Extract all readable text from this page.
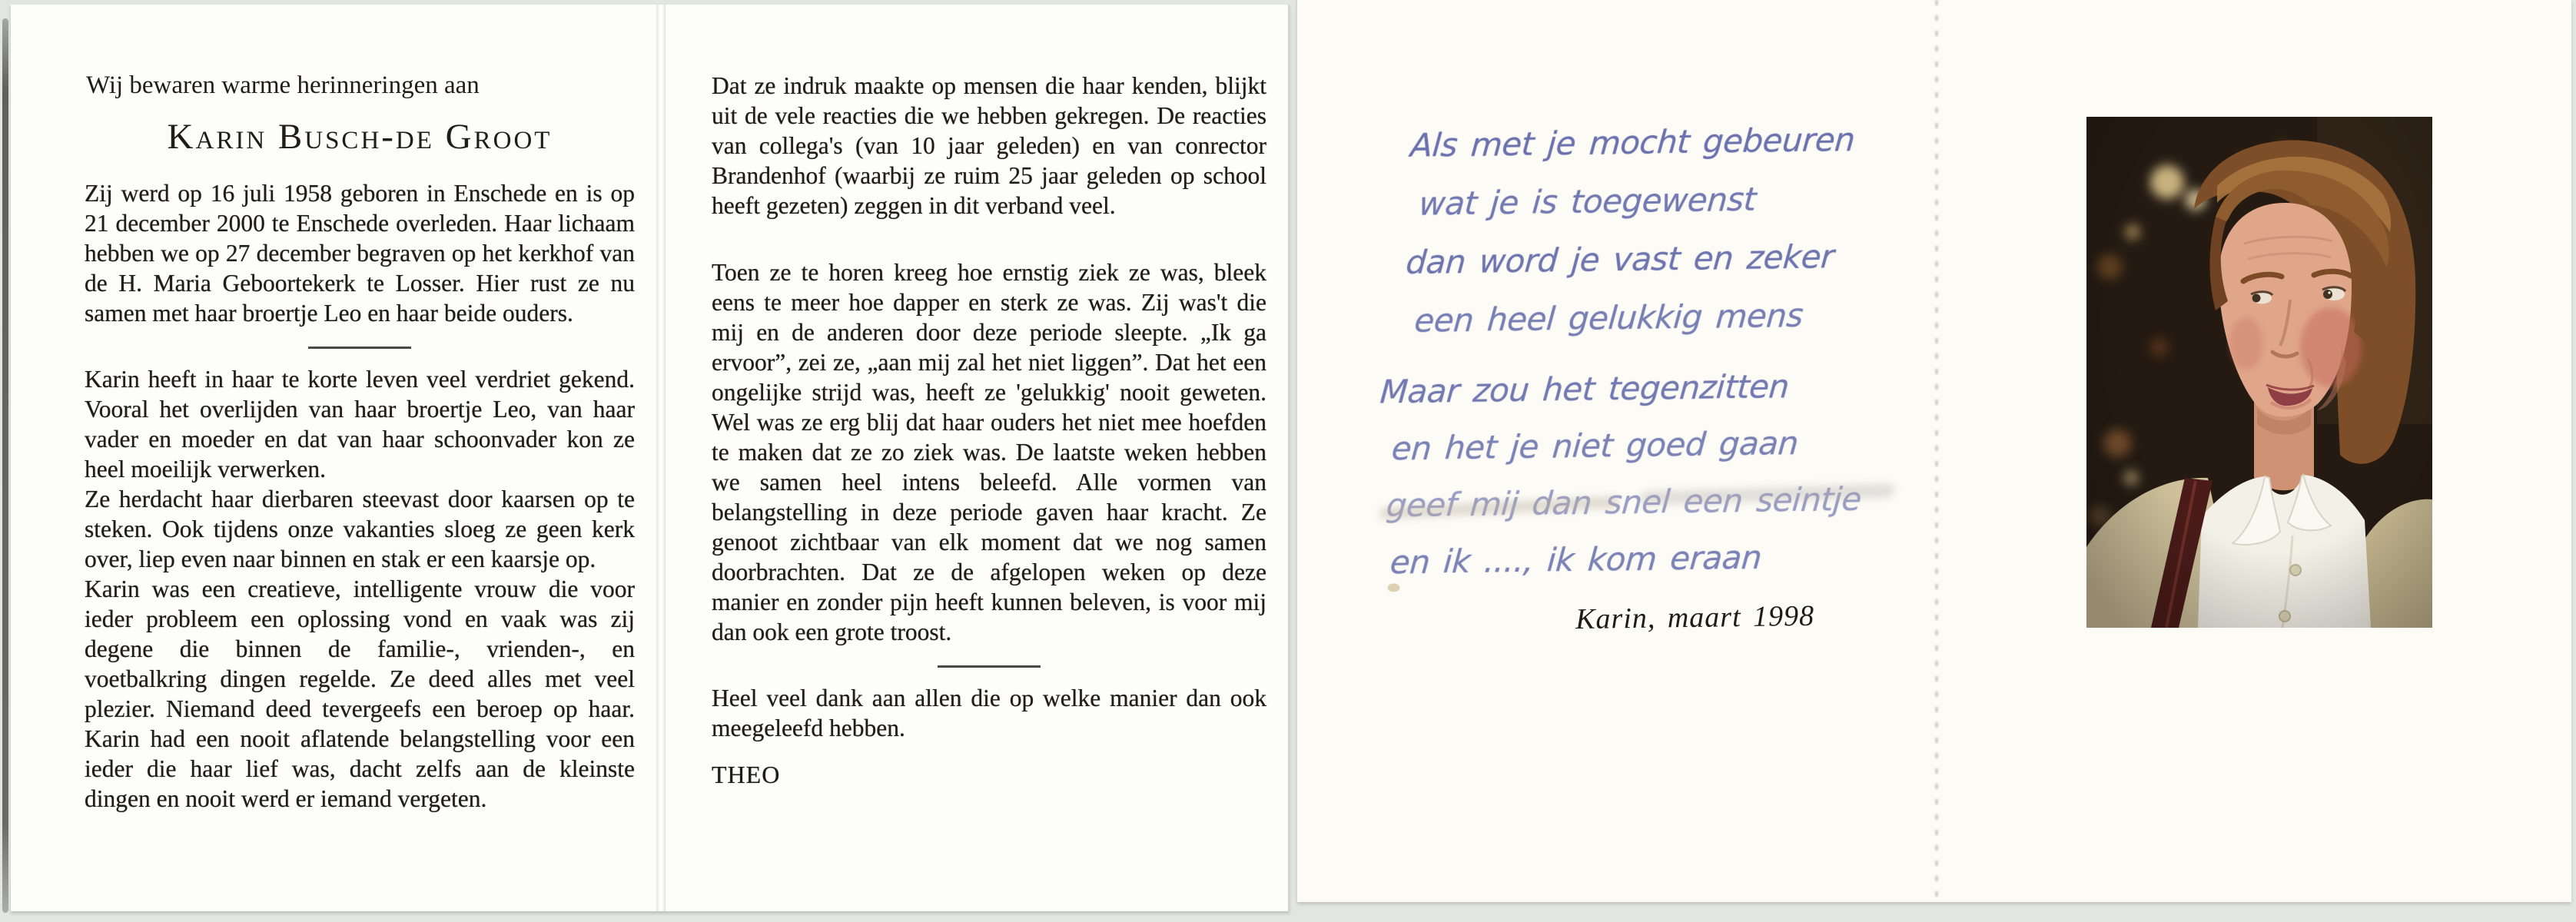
Wij bewaren warme herinneringen aan

Karin Busch-de Groot

Zij werd op 16 juli 1958 geboren in Enschede en is op 21 december 2000 te Enschede overleden. Haar lichaam hebben we op 27 december begraven op het kerkhof van de H. Maria Geboortekerk te Losser. Hier rust ze nu samen met haar broertje Leo en haar beide ouders.

Karin heeft in haar te korte leven veel verdriet gekend. Vooral het overlijden van haar broertje Leo, van haar vader en moeder en dat van haar schoonvader kon ze heel moeilijk verwerken.

Ze herdacht haar dierbaren steevast door kaarsen op te steken. Ook tijdens onze vakanties sloeg ze geen kerk over, liep even naar binnen en stak er een kaarsje op.

Karin was een creatieve, intelligente vrouw die voor ieder probleem een oplossing vond en vaak was zij degene die binnen de familie-, vrienden-, en voetbalkring dingen regelde. Ze deed alles met veel plezier. Niemand deed tevergeefs een beroep op haar. Karin had een nooit aflatende belangstelling voor een ieder die haar lief was, dacht zelfs aan de kleinste dingen en nooit werd er iemand vergeten.

Dat ze indruk maakte op mensen die haar kenden, blijkt uit de vele reacties die we hebben gekregen. De reacties van collega's (van 10 jaar geleden) en van conrector Brandenhof (waarbij ze ruim 25 jaar geleden op school heeft gezeten) zeggen in dit verband veel.

Toen ze te horen kreeg hoe ernstig ziek ze was, bleek eens te meer hoe dapper en sterk ze was. Zij was't die mij en de anderen door deze periode sleepte. „Ik ga ervoor”, zei ze, „aan mij zal het niet liggen”. Dat het een ongelijke strijd was, heeft ze 'gelukkig' nooit geweten. Wel was ze erg blij dat haar ouders het niet mee hoefden te maken dat ze zo ziek was. De laatste weken hebben we samen heel intens beleefd. Alle vormen van belangstelling in deze periode gaven haar kracht. Ze genoot zichtbaar van elk moment dat we nog samen doorbrachten. Dat ze de afgelopen weken op deze manier en zonder pijn heeft kunnen beleven, is voor mij dan ook een grote troost.

Heel veel dank aan allen die op welke manier dan ook meegeleefd hebben.

THEO

Als met je mocht gebeuren
wat je is toegewenst
dan word je vast en zeker
een heel gelukkig mens
Maar zou het tegenzitten
en het je niet goed gaan
geef mij dan snel een seintje
en ik ...., ik kom eraan

Karin, maart 1998
